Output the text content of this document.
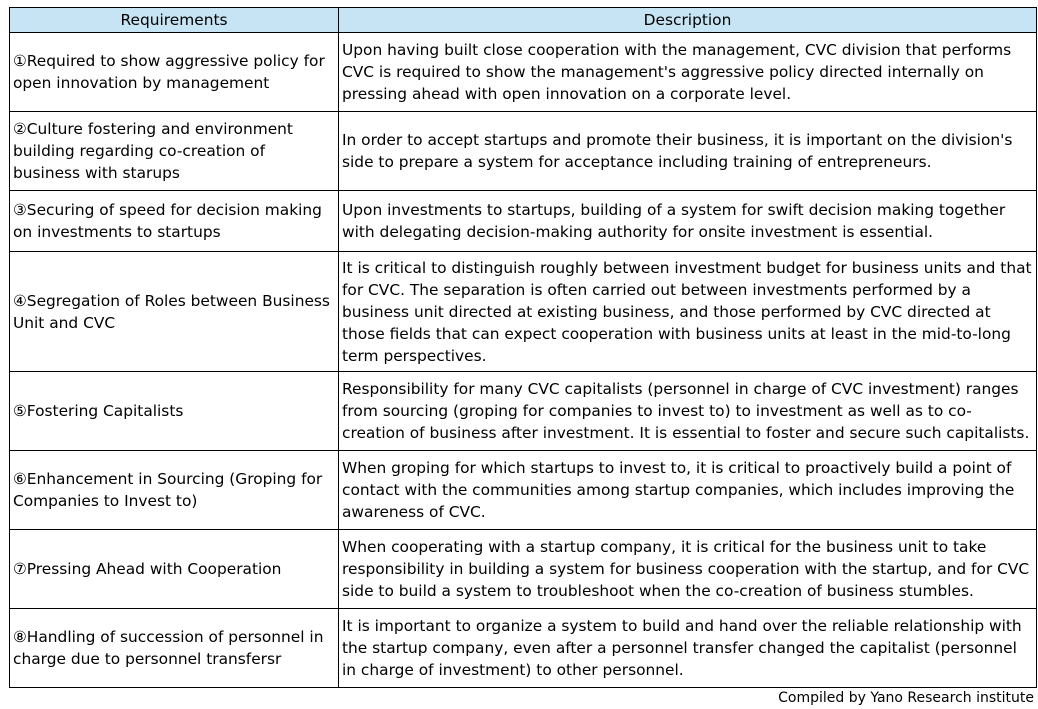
Requirements	Description
①Required to show aggressive policy for open innovation by management	Upon having built close cooperation with the management, CVC division that performs CVC is required to show the management's aggressive policy directed internally on pressing ahead with open innovation on a corporate level.
②Culture fostering and environment building regarding co-creation of business with starups	In order to accept startups and promote their business, it is important on the division's side to prepare a system for acceptance including training of entrepreneurs.
③Securing of speed for decision making on investments to startups	Upon investments to startups, building of a system for swift decision making together with delegating decision-making authority for onsite investment is essential.
④Segregation of Roles between Business Unit and CVC	It is critical to distinguish roughly between investment budget for business units and that for CVC. The separation is often carried out between investments performed by a business unit directed at existing business, and those performed by CVC directed at those fields that can expect cooperation with business units at least in the mid-to-long term perspectives.
⑤Fostering Capitalists	Responsibility for many CVC capitalists (personnel in charge of CVC investment) ranges from sourcing (groping for companies to invest to) to investment as well as to co-creation of business after investment. It is essential to foster and secure such capitalists.
⑥Enhancement in Sourcing (Groping for Companies to Invest to)	When groping for which startups to invest to, it is critical to proactively build a point of contact with the communities among startup companies, which includes improving the awareness of CVC.
⑦Pressing Ahead with Cooperation	When cooperating with a startup company, it is critical for the business unit to take responsibility in building a system for business cooperation with the startup, and for CVC side to build a system to troubleshoot when the co-creation of business stumbles.
⑧Handling of succession of personnel in charge due to personnel transfersr	It is important to organize a system to build and hand over the reliable relationship with the startup company, even after a personnel transfer changed the capitalist (personnel in charge of investment) to other personnel.
Compiled by Yano Research institute
